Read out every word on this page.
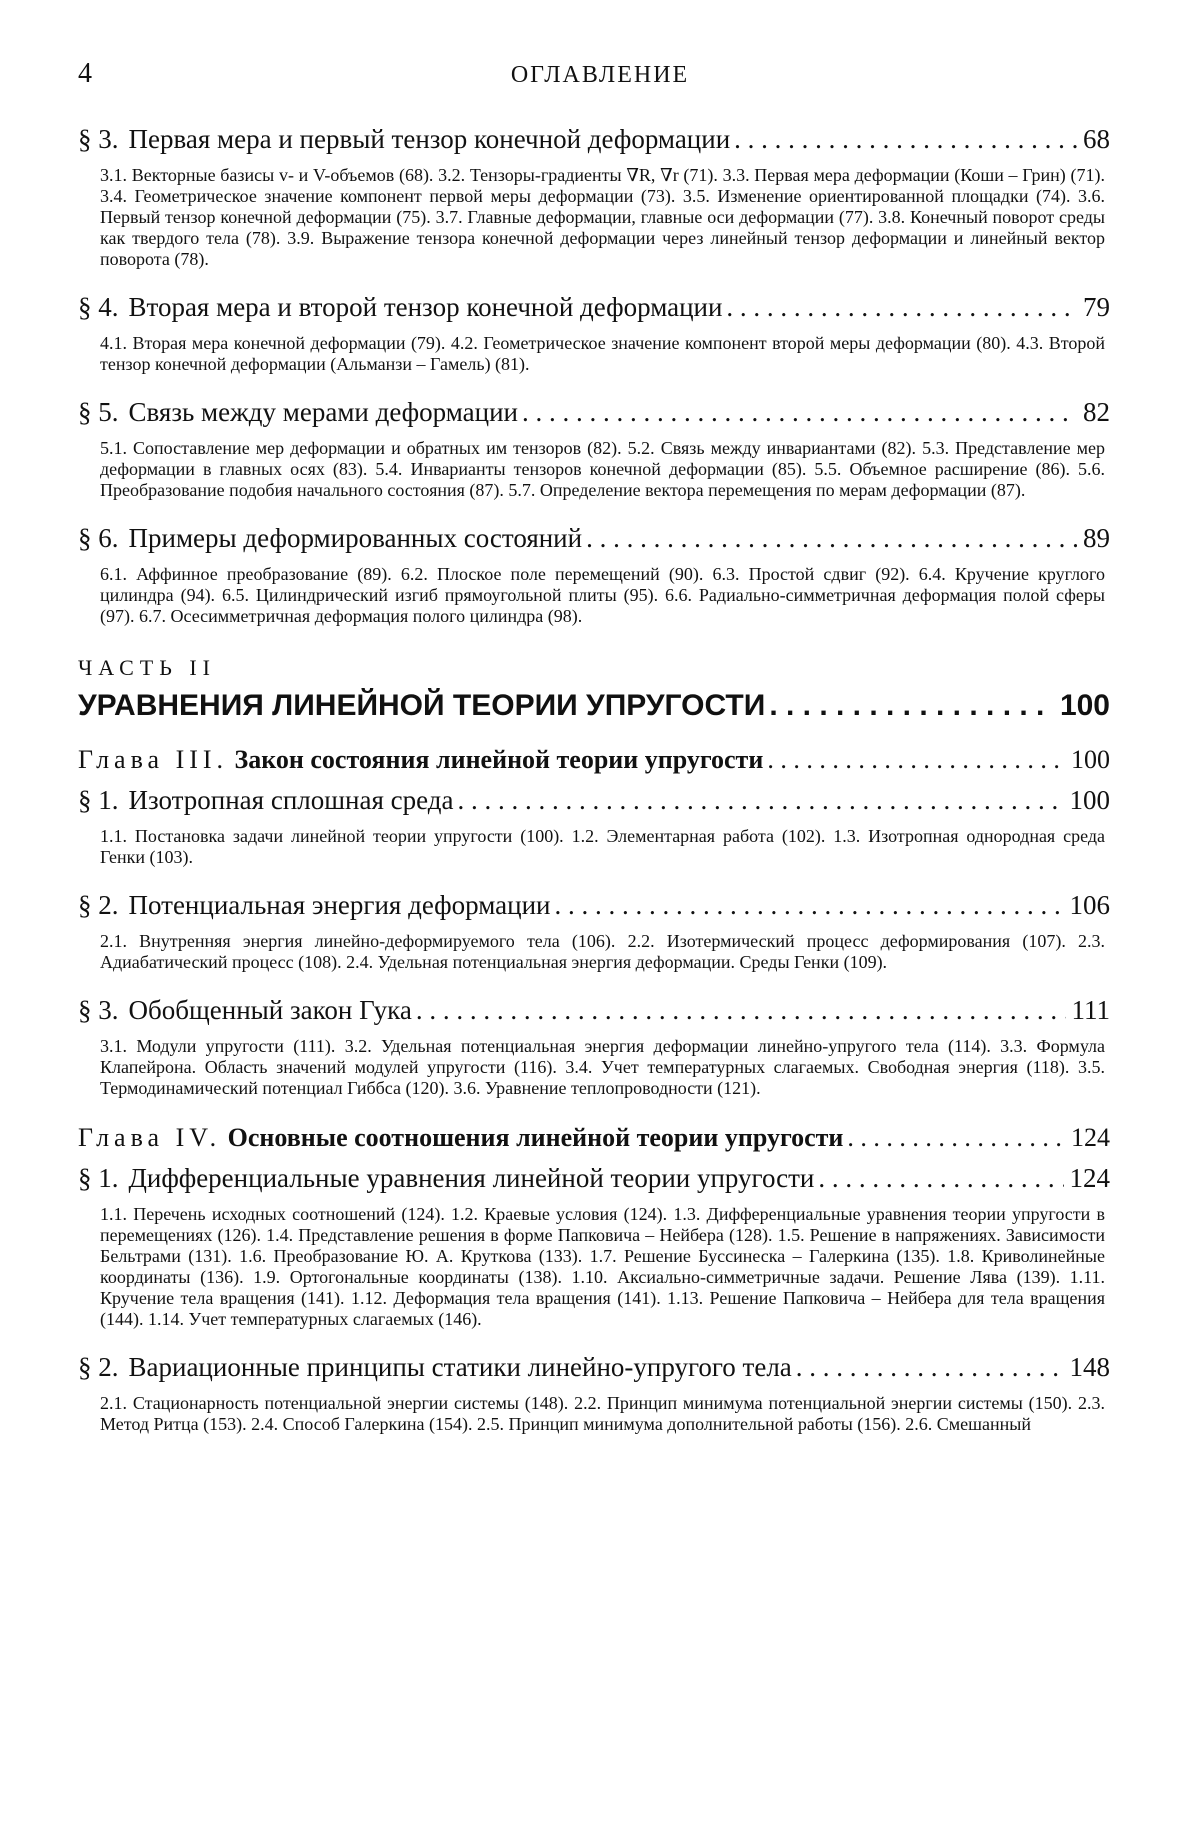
4	ОГЛАВЛЕНИЕ
§ 3. Первая мера и первый тензор конечной деформации . . .	68
3.1. Векторные базисы v- и V-объемов (68). 3.2. Тензоры-градиенты ∇R, ∇r (71). 3.3. Первая мера деформации (Коши – Грин) (71). 3.4. Геометрическое значение компонент первой меры деформации (73). 3.5. Изменение ориентированной площадки (74). 3.6. Первый тензор конечной деформации (75). 3.7. Главные деформации, главные оси деформации (77). 3.8. Конечный поворот среды как твердого тела (78). 3.9. Выражение тензора конечной деформации через линейный тензор деформации и линейный вектор поворота (78).
§ 4. Вторая мера и второй тензор конечной деформации . . .	79
4.1. Вторая мера конечной деформации (79). 4.2. Геометрическое значение компонент второй меры деформации (80). 4.3. Второй тензор конечной деформации (Альманзи – Гамель) (81).
§ 5. Связь между мерами деформации . . .	82
5.1. Сопоставление мер деформации и обратных им тензоров (82). 5.2. Связь между инвариантами (82). 5.3. Представление мер деформации в главных осях (83). 5.4. Инварианты тензоров конечной деформации (85). 5.5. Объемное расширение (86). 5.6. Преобразование подобия начального состояния (87). 5.7. Определение вектора перемещения по мерам деформации (87).
§ 6. Примеры деформированных состояний . . .	89
6.1. Аффинное преобразование (89). 6.2. Плоское поле перемещений (90). 6.3. Простой сдвиг (92). 6.4. Кручение круглого цилиндра (94). 6.5. Цилиндрический изгиб прямоугольной плиты (95). 6.6. Радиально-симметричная деформация полой сферы (97). 6.7. Осесимметричная деформация полого цилиндра (98).
ЧАСТЬ II
УРАВНЕНИЯ ЛИНЕЙНОЙ ТЕОРИИ УПРУГОСТИ . . .	100
Глава III. Закон состояния линейной теории упругости . . .	100
§ 1. Изотропная сплошная среда . . .	100
1.1. Постановка задачи линейной теории упругости (100). 1.2. Элементарная работа (102). 1.3. Изотропная однородная среда Генки (103).
§ 2. Потенциальная энергия деформации . . .	106
2.1. Внутренняя энергия линейно-деформируемого тела (106). 2.2. Изотермический процесс деформирования (107). 2.3. Адиабатический процесс (108). 2.4. Удельная потенциальная энергия деформации. Среды Генки (109).
§ 3. Обобщенный закон Гука . . .	111
3.1. Модули упругости (111). 3.2. Удельная потенциальная энергия деформации линейно-упругого тела (114). 3.3. Формула Клапейрона. Область значений модулей упругости (116). 3.4. Учет температурных слагаемых. Свободная энергия (118). 3.5. Термодинамический потенциал Гиббса (120). 3.6. Уравнение теплопроводности (121).
Глава IV. Основные соотношения линейной теории упругости . . .	124
§ 1. Дифференциальные уравнения линейной теории упругости . . .	124
1.1. Перечень исходных соотношений (124). 1.2. Краевые условия (124). 1.3. Дифференциальные уравнения теории упругости в перемещениях (126). 1.4. Представление решения в форме Папковича – Нейбера (128). 1.5. Решение в напряжениях. Зависимости Бельтрами (131). 1.6. Преобразование Ю. А. Круткова (133). 1.7. Решение Буссинеска – Галеркина (135). 1.8. Криволинейные координаты (136). 1.9. Ортогональные координаты (138). 1.10. Аксиально-симметричные задачи. Решение Лява (139). 1.11. Кручение тела вращения (141). 1.12. Деформация тела вращения (141). 1.13. Решение Папковича – Нейбера для тела вращения (144). 1.14. Учет температурных слагаемых (146).
§ 2. Вариационные принципы статики линейно-упругого тела . . .	148
2.1. Стационарность потенциальной энергии системы (148). 2.2. Принцип минимума потенциальной энергии системы (150). 2.3. Метод Ритца (153). 2.4. Способ Галеркина (154). 2.5. Принцип минимума дополнительной работы (156). 2.6. Смешанный
